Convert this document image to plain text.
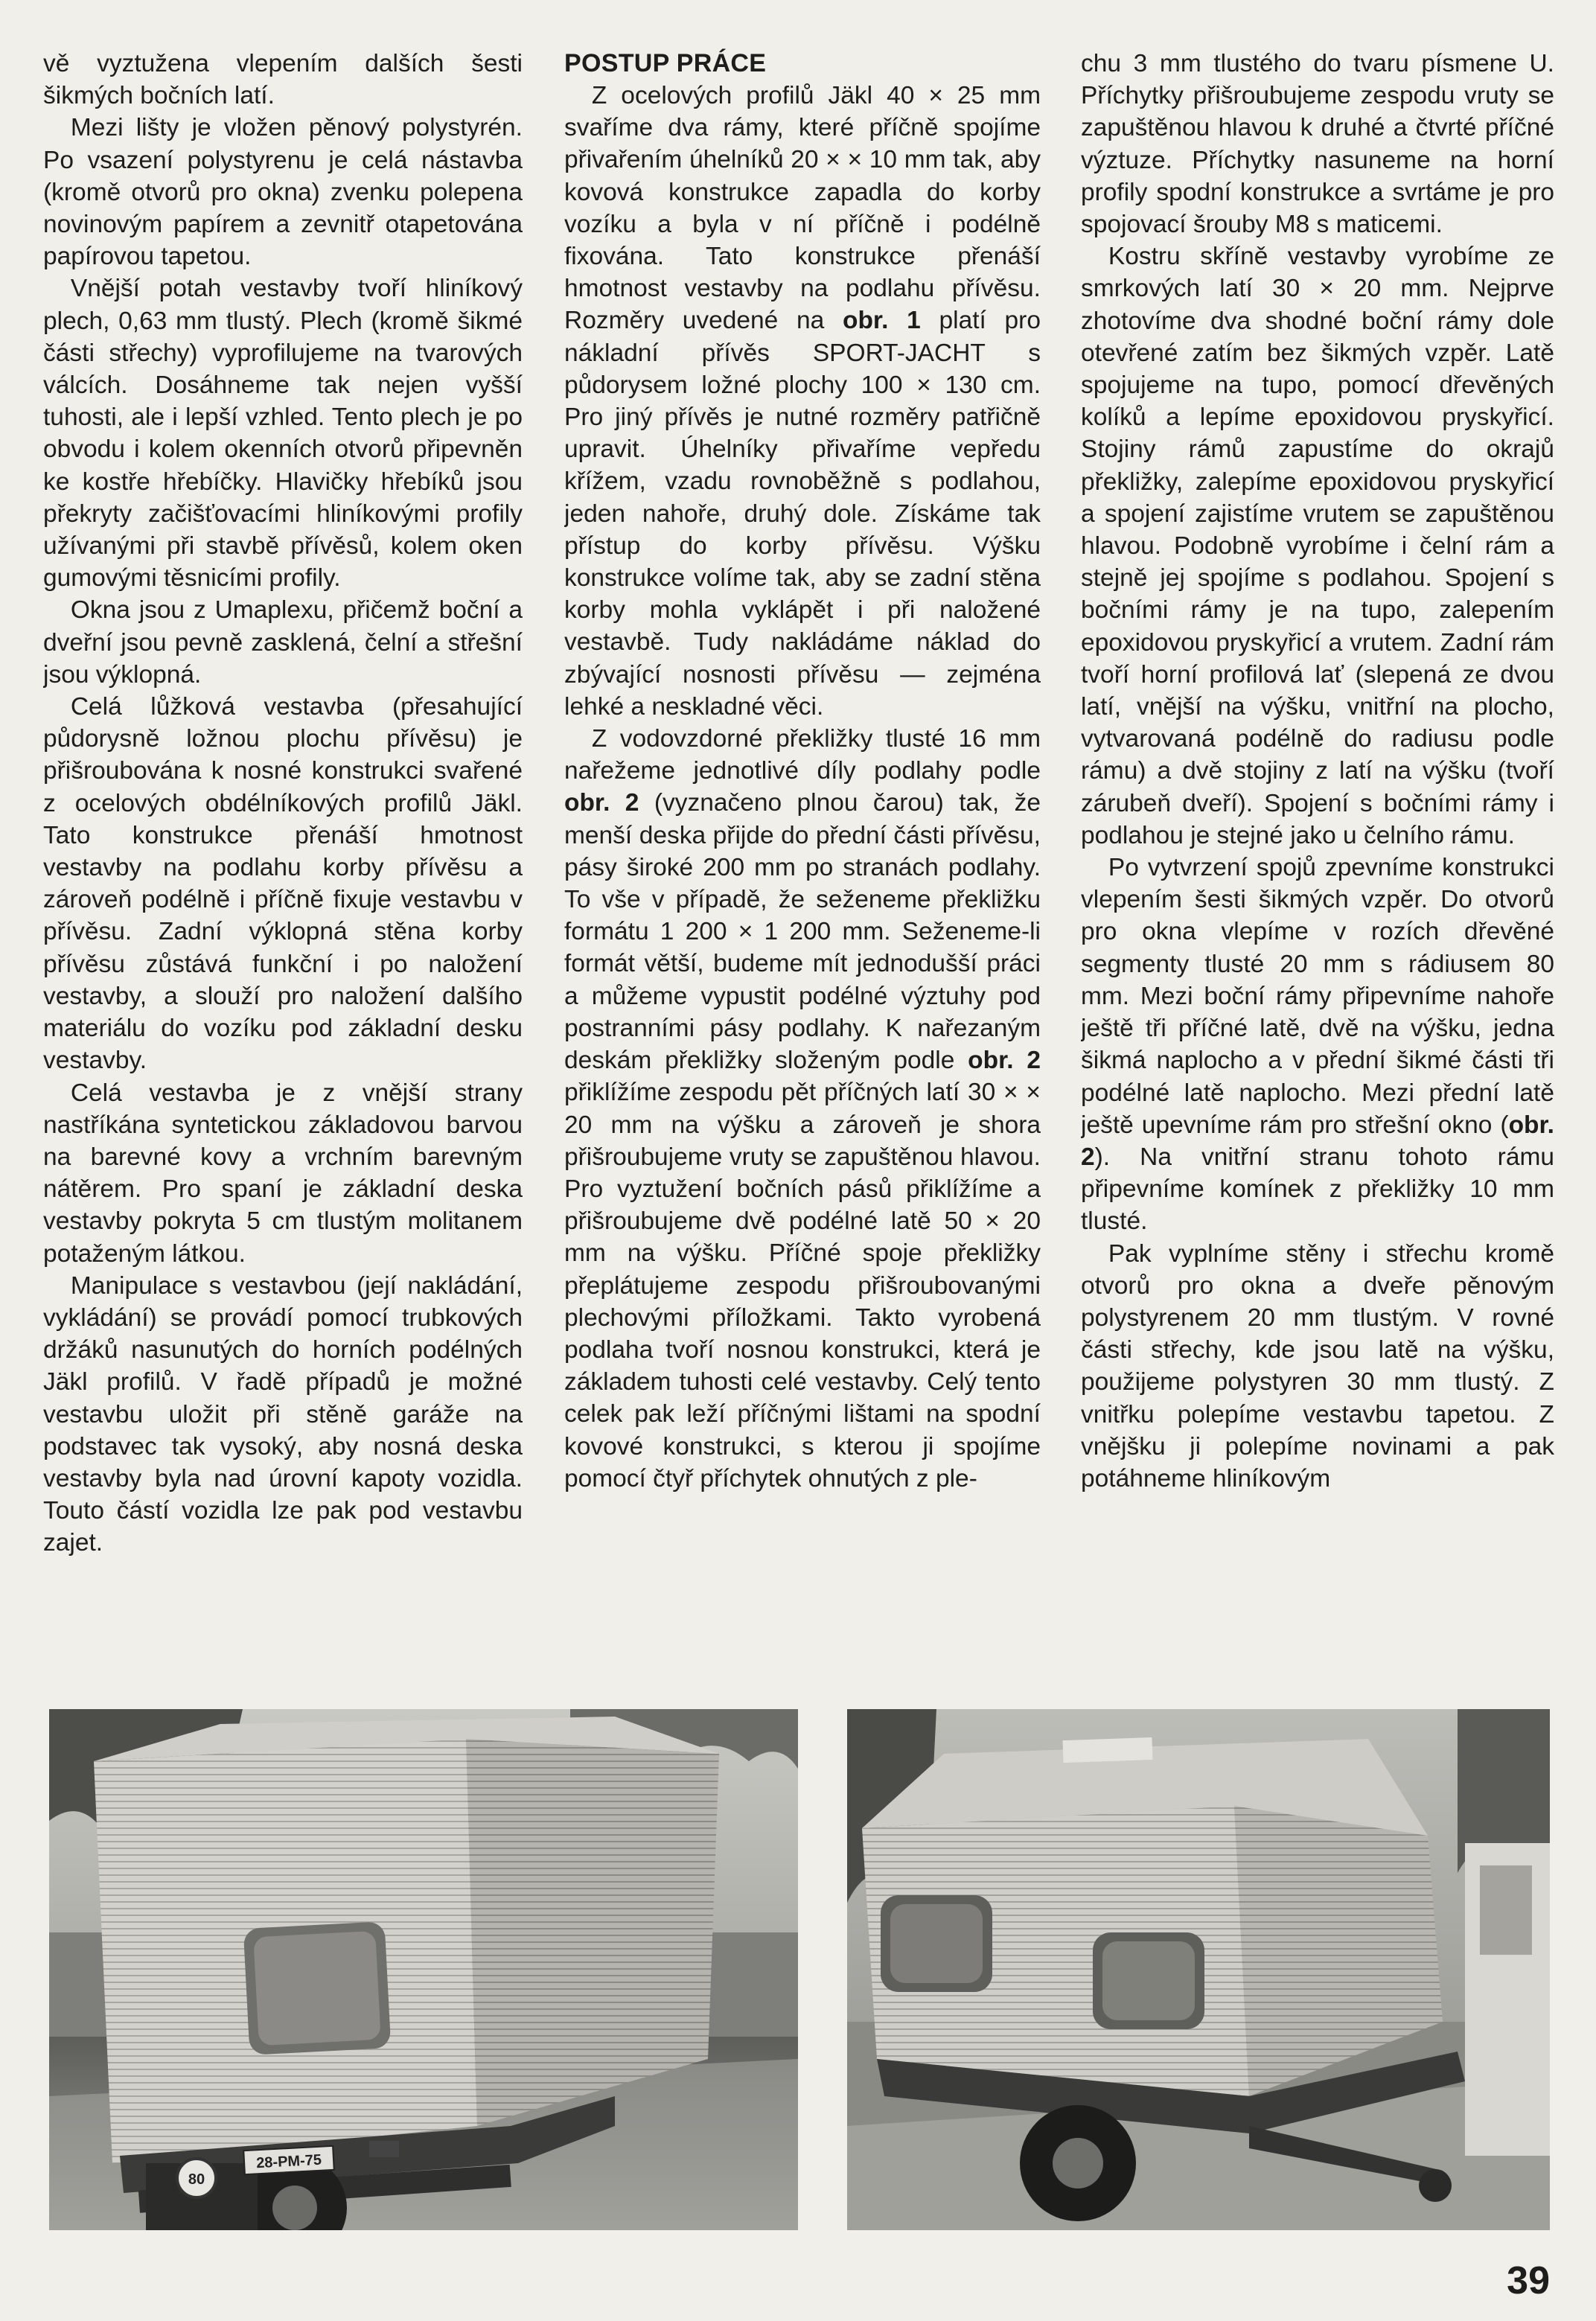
vě vyztužena vlepením dalších šesti šikmých bočních latí.

Mezi lišty je vložen pěnový polystyrén. Po vsazení polystyrenu je celá nástavba (kromě otvorů pro okna) zvenku polepena novinovým papírem a zevnitř otapetována papírovou tapetou.

Vnější potah vestavby tvoří hliníkový plech, 0,63 mm tlustý. Plech (kromě šikmé části střechy) vyprofilujeme na tvarových válcích. Dosáhneme tak nejen vyšší tuhosti, ale i lepší vzhled. Tento plech je po obvodu i kolem okenních otvorů připevněn ke kostře hřebíčky. Hlavičky hřebíků jsou překryty začišťovacími hliníkovými profily užívanými při stavbě přívěsů, kolem oken gumovými těsnicími profily.

Okna jsou z Umaplexu, přičemž boční a dveřní jsou pevně zasklená, čelní a střešní jsou výklopná.

Celá lůžková vestavba (přesahující půdorysně ložnou plochu přívěsu) je přišroubována k nosné konstrukci svařené z ocelových obdélníkových profilů Jäkl. Tato konstrukce přenáší hmotnost vestavby na podlahu korby přívěsu a zároveň podélně i příčně fixuje vestavbu v přívěsu. Zadní výklopná stěna korby přívěsu zůstává funkční i po naložení vestavby, a slouží pro naložení dalšího materiálu do vozíku pod základní desku vestavby.

Celá vestavba je z vnější strany nastříkána syntetickou základovou barvou na barevné kovy a vrchním barevným nátěrem. Pro spaní je základní deska vestavby pokryta 5 cm tlustým molitanem potaženým látkou.

Manipulace s vestavbou (její nakládání, vykládání) se provádí pomocí trubkových držáků nasunutých do horních podélných Jäkl profilů. V řadě případů je možné vestavbu uložit při stěně garáže na podstavec tak vysoký, aby nosná deska vestavby byla nad úrovní kapoty vozidla. Touto částí vozidla lze pak pod vestavbu zajet.

POSTUP PRÁCE

Z ocelových profilů Jäkl 40 × 25 mm svaříme dva rámy, které příčně spojíme přivařením úhelníků 20 × × 10 mm tak, aby kovová konstrukce zapadla do korby vozíku a byla v ní příčně i podélně fixována. Tato konstrukce přenáší hmotnost vestavby na podlahu přívěsu. Rozměry uvedené na obr. 1 platí pro nákladní přívěs SPORT-JACHT s půdorysem ložné plochy 100 × 130 cm. Pro jiný přívěs je nutné rozměry patřičně upravit. Úhelníky přivaříme vepředu křížem, vzadu rovnoběžně s podlahou, jeden nahoře, druhý dole. Získáme tak přístup do korby přívěsu. Výšku konstrukce volíme tak, aby se zadní stěna korby mohla vyklápět i při naložené vestavbě. Tudy nakládáme náklad do zbývající nosnosti přívěsu — zejména lehké a neskladné věci.

Z vodovzdorné překližky tlusté 16 mm nařežeme jednotlivé díly podlahy podle obr. 2 (vyznačeno plnou čarou) tak, že menší deska přijde do přední části přívěsu, pásy široké 200 mm po stranách podlahy. To vše v případě, že seženeme překližku formátu 1 200 × 1 200 mm. Seženeme-li formát větší, budeme mít jednodušší práci a můžeme vypustit podélné výztuhy pod postranními pásy podlahy. K nařezaným deskám překližky složeným podle obr. 2 přiklížíme zespodu pět příčných latí 30 × × 20 mm na výšku a zároveň je shora přišroubujeme vruty se zapuštěnou hlavou. Pro vyztužení bočních pásů přiklížíme a přišroubujeme dvě podélné latě 50 × 20 mm na výšku. Příčné spoje překližky přeplátujeme zespodu přišroubovanými plechovými příložkami. Takto vyrobená podlaha tvoří nosnou konstrukci, která je základem tuhosti celé vestavby. Celý tento celek pak leží příčnými lištami na spodní kovové konstrukci, s kterou ji spojíme pomocí čtyř příchytek ohnutých z ple-

chu 3 mm tlustého do tvaru písmene U. Příchytky přišroubujeme zespodu vruty se zapuštěnou hlavou k druhé a čtvrté příčné výztuze. Příchytky nasuneme na horní profily spodní konstrukce a svrtáme je pro spojovací šrouby M8 s maticemi.

Kostru skříně vestavby vyrobíme ze smrkových latí 30 × 20 mm. Nejprve zhotovíme dva shodné boční rámy dole otevřené zatím bez šikmých vzpěr. Latě spojujeme na tupo, pomocí dřevěných kolíků a lepíme epoxidovou pryskyřicí. Stojiny rámů zapustíme do okrajů překližky, zalepíme epoxidovou pryskyřicí a spojení zajistíme vrutem se zapuštěnou hlavou. Podobně vyrobíme i čelní rám a stejně jej spojíme s podlahou. Spojení s bočními rámy je na tupo, zalepením epoxidovou pryskyřicí a vrutem. Zadní rám tvoří horní profilová lať (slepená ze dvou latí, vnější na výšku, vnitřní na plocho, vytvarovaná podélně do radiusu podle rámu) a dvě stojiny z latí na výšku (tvoří zárubeň dveří). Spojení s bočními rámy i podlahou je stejné jako u čelního rámu.

Po vytvrzení spojů zpevníme konstrukci vlepením šesti šikmých vzpěr. Do otvorů pro okna vlepíme v rozích dřevěné segmenty tlusté 20 mm s rádiusem 80 mm. Mezi boční rámy připevníme nahoře ještě tři příčné latě, dvě na výšku, jedna šikmá naplocho a v přední šikmé části tři podélné latě naplocho. Mezi přední latě ještě upevníme rám pro střešní okno (obr. 2). Na vnitřní stranu tohoto rámu připevníme komínek z překližky 10 mm tlusté.

Pak vyplníme stěny i střechu kromě otvorů pro okna a dveře pěnovým polystyrenem 20 mm tlustým. V rovné části střechy, kde jsou latě na výšku, použijeme polystyren 30 mm tlustý. Z vnitřku polepíme vestavbu tapetou. Z vnějšku ji polepíme novinami a pak potáhneme hliníkovým

28-PM-75
80
39
